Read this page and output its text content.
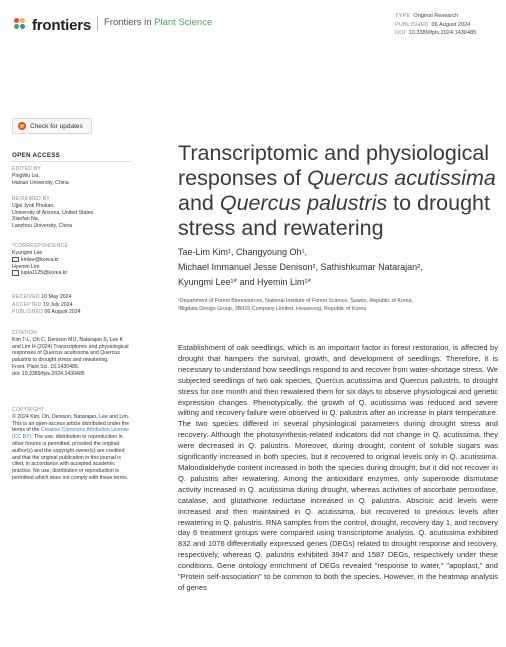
frontiers Frontiers in Plant Science
TYPE Original Research
PUBLISHED 06 August 2024
DOI 10.3389/fpls.2024.1430485
Check for updates
OPEN ACCESS
EDITED BY
PingWu Liu,
Hainan University, China
REVIEWED BY
Ujjal Jyoti Phukan,
University of Arizona, United States
Xiaofan Na,
Lanzhou University, China
*CORRESPONDENCE
Kyungmi Lee
kmlee@korea.kr
Hyemin Lim
lupia1125@korea.kr
RECEIVED 10 May 2024
ACCEPTED 19 July 2024
PUBLISHED 06 August 2024
CITATION
Kim T-L, Oh C, Denison MIJ, Natarajan S, Lee K and Lim H (2024) Transcriptomic and physiological responses of Quercus acutissima and Quercus palustris to drought stress and rewatering.
Front. Plant Sci. 15:1430485.
doi: 10.3389/fpls.2024.1430485
COPYRIGHT
© 2024 Kim, Oh, Denison, Natarajan, Lee and Lim. This is an open-access article distributed under the terms of the Creative Commons Attribution License (CC BY). The use, distribution or reproduction in other forums is permitted, provided the original author(s) and the copyright owner(s) are credited and that the original publication in this journal is cited, in accordance with accepted academic practice. No use, distribution or reproduction is permitted which does not comply with these terms.
Transcriptomic and physiological responses of Quercus acutissima and Quercus palustris to drought stress and rewatering
Tae-Lim Kim¹, Changyoung Oh¹,
Michael Immanuel Jesse Denison², Sathishkumar Natarajan²,
Kyungmi Lee¹* and Hyemin Lim¹*
¹Department of Forest Bioresources, National Institute of Forest Science, Suwon, Republic of Korea,
²Bigdata Design Group, 3BIGS Company Limited, Hwaseong, Republic of Korea

Establishment of oak seedlings, which is an important factor in forest restoration, is affected by drought that hampers the survival, growth, and development of seedlings. Therefore, it is necessary to understand how seedlings respond to and recover from water-shortage stress. We subjected seedlings of two oak species, Quercus acutissima and Quercus palustris, to drought stress for one month and then rewatered them for six days to observe physiological and genetic expression changes. Phenotypically, the growth of Q. acutissima was reduced and severe wilting and recovery failure were observed in Q. palustris after an increase in plant temperature. The two species differed in several physiological parameters during drought stress and recovery. Although the photosynthesis-related indicators did not change in Q. acutissima, they were decreased in Q. palustris. Moreover, during drought, content of soluble sugars was significantly increased in both species, but it recovered to original levels only in Q. acutissima. Malondialdehyde content increased in both the species during drought, but it did not recover in Q. palustris after rewatering. Among the antioxidant enzymes, only superoxide dismutase activity increased in Q. acutissima during drought, whereas activities of ascorbate peroxidase, catalase, and glutathione reductase increased in Q. palustris. Abscisic acid levels were increased and then maintained in Q. acutissima, but recovered to previous levels after rewatering in Q. palustris. RNA samples from the control, drought, recovery day 1, and recovery day 6 treatment groups were compared using transcriptome analysis. Q. acutissima exhibited 832 and 1076 differentially expressed genes (DEGs) related to drought response and recovery, respectively, whereas Q. palustris exhibited 3947 and 1587 DEGs, respectively under these conditions. Gene ontology enrichment of DEGs revealed "response to water," "apoplast," and "Protein self-association" to be common to both the species. However, in the heatmap analysis of genes
